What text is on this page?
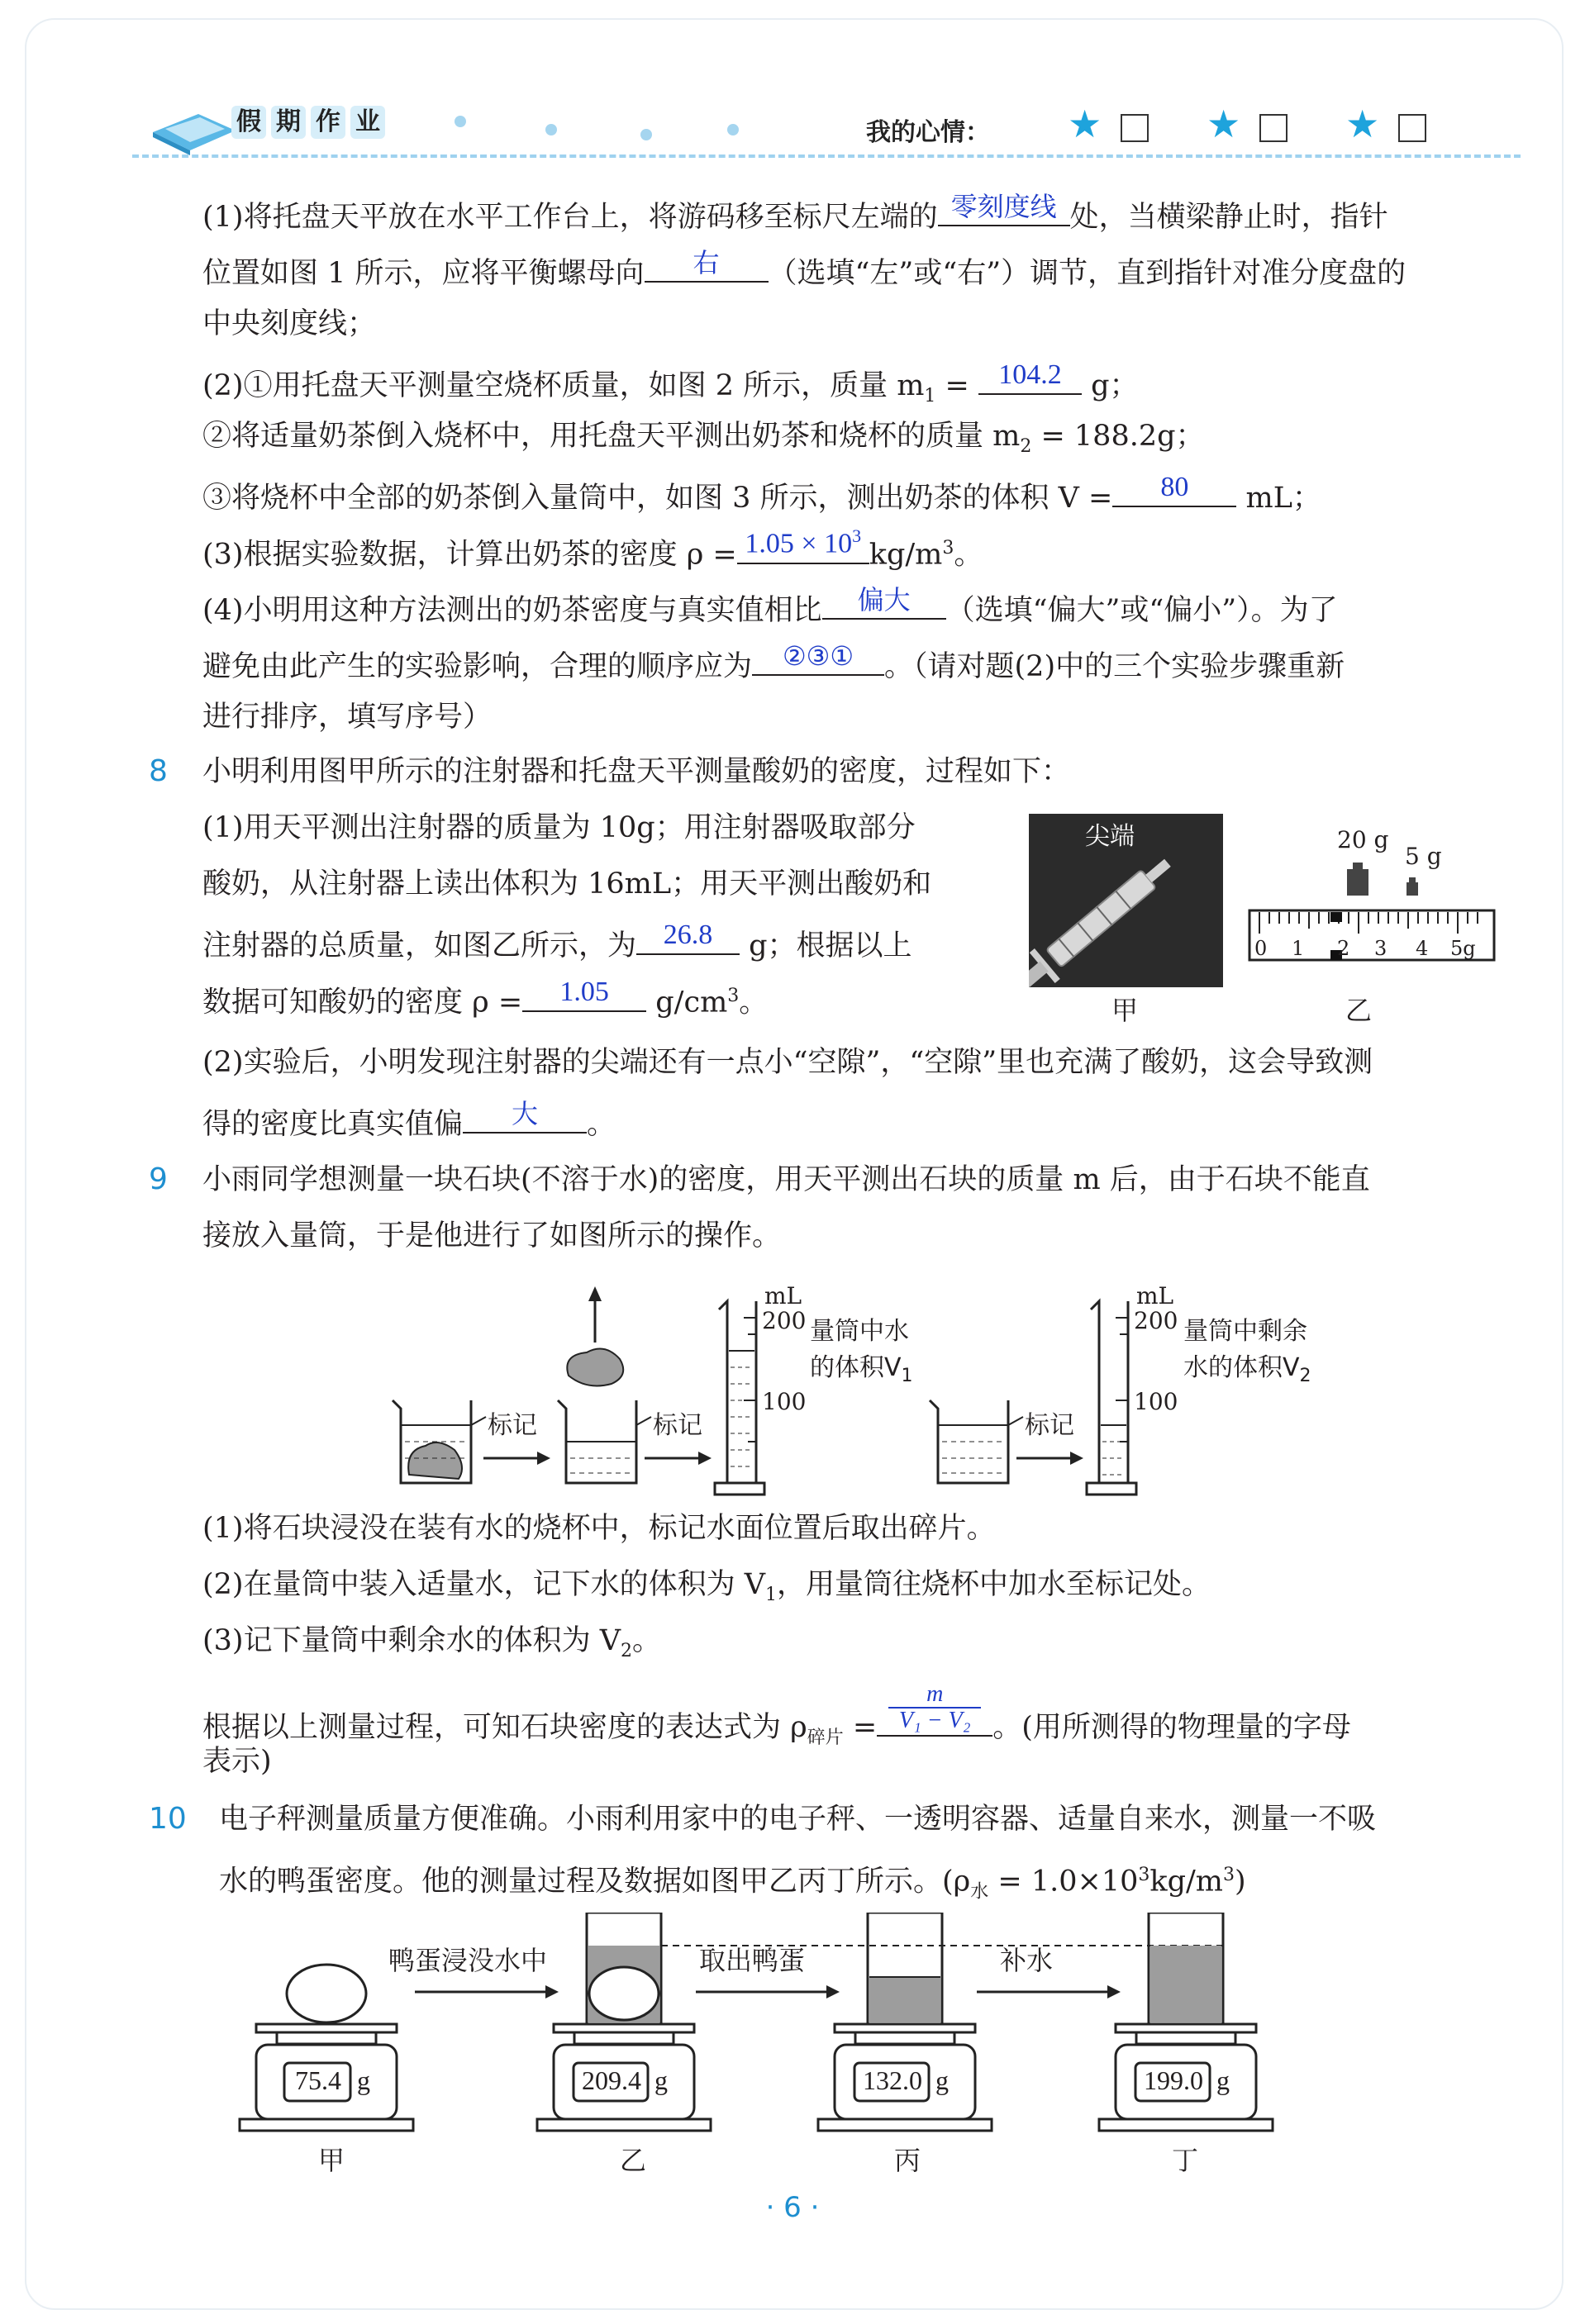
假 期 作 业	我的心情： ★	★	★
(1)将托盘天平放在水平工作台上，将游码移至标尺左端的 零刻度线 处，当横梁静止时，指针
位置如图 1 所示，应将平衡螺母向	右	（选填“左”或“右”）调节，直到指针对准分度盘的
中央刻度线；
(2)①用托盘天平测量空烧杯质量，如图 2 所示，质量 $m_1 = 104.2$ g；
②将适量奶茶倒入烧杯中，用托盘天平测出奶茶和烧杯的质量 $m_2 = 188.2g$；
③将烧杯中全部的奶茶倒入量筒中，如图 3 所示，测出奶茶的体积 V =	80	mL；
(3)根据实验数据，计算出奶茶的密度 $\rho = 1.05 \times 10^3$
$kg/m^3$。
(4)小明用这种方法测出的奶茶密度与真实值相比	偏大	（选填“偏大”或“偏小”）。为了
避免由此产生的实验影响，合理的顺序应为	②③①	。（请对题(2)中的三个实验步骤重新
进行排序，填写序号）
8 小明利用图甲所示的注射器和托盘天平测量酸奶的密度，过程如下：
(1)用天平测出注射器的质量为 10g；用注射器吸取部分
酸奶，从注射器上读出体积为 16mL；用天平测出酸奶和
注射器的总质量，如图乙所示，为 26.8 g；根据以上
数据可知酸奶的密度 ρ =	1.05	$g/cm^3$。
尖端
甲
20 g
5 g
0 1 2 3 4 5g
乙
(2)实验后，小明发现注射器的尖端还有一点小“空隙”，“空隙”里也充满了酸奶，这会导致测
得的密度比真实值偏	大	。
9 小雨同学想测量一块石块(不溶于水)的密度，用天平测出石块的质量 m 后，由于石块不能直
接放入量筒，于是他进行了如图所示的操作。
标记	标记	标记
mL
200
100
量筒中水
的体积$V_1$
mL
200
100
量筒中剩余
水的体积$V_2$
(1)将石块浸没在装有水的烧杯中，标记水面位置后取出碎片。
(2)在量筒中装入适量水，记下水的体积为 $V_1$，用量筒往烧杯中加水至标记处。
(3)记下量筒中剩余水的体积为 $V_2$。
根据以上测量过程，可知石块密度的表达式为 $\rho_{碎片} = \frac{m}{\text{V₁ − V₂}}$ 。(用所测得的物理量的字母
表示)
10 电子秤测量质量方便准确。小雨利用家中的电子秤、一透明容器、适量自来水，测量一不吸
水的鸭蛋密度。他的测量过程及数据如图甲乙丙丁所示。$(\rho_水 = 1.0\times 10^3kg/m^3)$
鸭蛋浸没水中	取出鸭蛋	补水
75.4 g	209.4 g	132.0 g	199.0 g
甲	乙	丙	丁
· 6 ·
